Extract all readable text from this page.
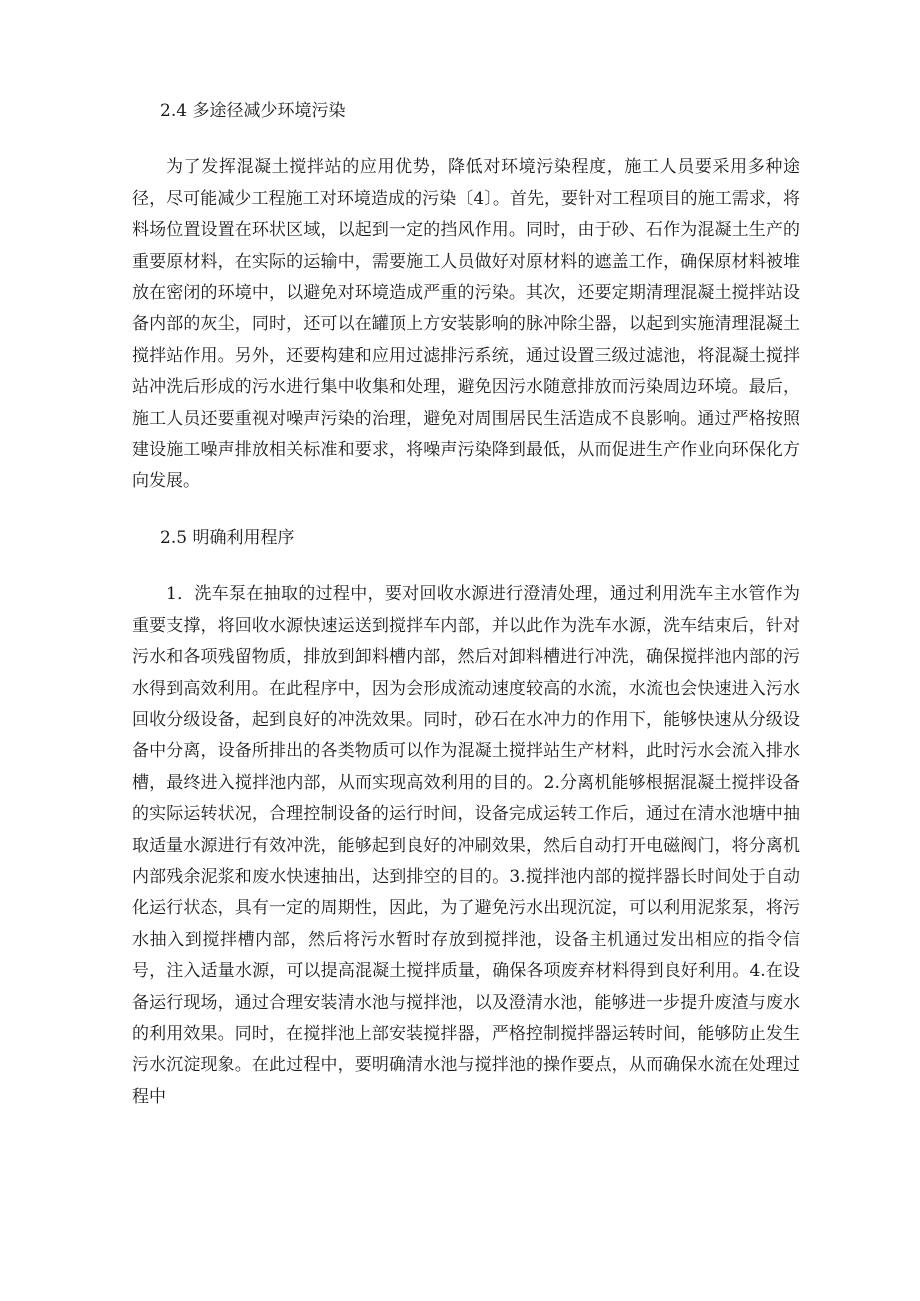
2.4 多途径减少环境污染

为了发挥混凝土搅拌站的应用优势，降低对环境污染程度，施工人员要采用多种途径，尽可能减少工程施工对环境造成的污染〔4〕。首先，要针对工程项目的施工需求，将料场位置设置在环状区域，以起到一定的挡风作用。同时，由于砂、石作为混凝土生产的重要原材料，在实际的运输中，需要施工人员做好对原材料的遮盖工作，确保原材料被堆放在密闭的环境中，以避免对环境造成严重的污染。其次，还要定期清理混凝土搅拌站设备内部的灰尘，同时，还可以在罐顶上方安装影响的脉冲除尘器，以起到实施清理混凝土搅拌站作用。另外，还要构建和应用过滤排污系统，通过设置三级过滤池，将混凝土搅拌站冲洗后形成的污水进行集中收集和处理，避免因污水随意排放而污染周边环境。最后，施工人员还要重视对噪声污染的治理，避免对周围居民生活造成不良影响。通过严格按照建设施工噪声排放相关标准和要求，将噪声污染降到最低，从而促进生产作业向环保化方向发展。

2.5 明确利用程序

1．洗车泵在抽取的过程中，要对回收水源进行澄清处理，通过利用洗车主水管作为重要支撑，将回收水源快速运送到搅拌车内部，并以此作为洗车水源，洗车结束后，针对污水和各项残留物质，排放到卸料槽内部，然后对卸料槽进行冲洗，确保搅拌池内部的污水得到高效利用。在此程序中，因为会形成流动速度较高的水流，水流也会快速进入污水回收分级设备，起到良好的冲洗效果。同时，砂石在水冲力的作用下，能够快速从分级设备中分离，设备所排出的各类物质可以作为混凝土搅拌站生产材料，此时污水会流入排水槽，最终进入搅拌池内部，从而实现高效利用的目的。2.分离机能够根据混凝土搅拌设备的实际运转状况，合理控制设备的运行时间，设备完成运转工作后，通过在清水池塘中抽取适量水源进行有效冲洗，能够起到良好的冲刷效果，然后自动打开电磁阀门，将分离机内部残余泥浆和废水快速抽出，达到排空的目的。3.搅拌池内部的搅拌器长时间处于自动化运行状态，具有一定的周期性，因此，为了避免污水出现沉淀，可以利用泥浆泵，将污水抽入到搅拌槽内部，然后将污水暂时存放到搅拌池，设备主机通过发出相应的指令信号，注入适量水源，可以提高混凝土搅拌质量，确保各项废弃材料得到良好利用。4.在设备运行现场，通过合理安装清水池与搅拌池，以及澄清水池，能够进一步提升废渣与废水的利用效果。同时，在搅拌池上部安装搅拌器，严格控制搅拌器运转时间，能够防止发生污水沉淀现象。在此过程中，要明确清水池与搅拌池的操作要点，从而确保水流在处理过程中
